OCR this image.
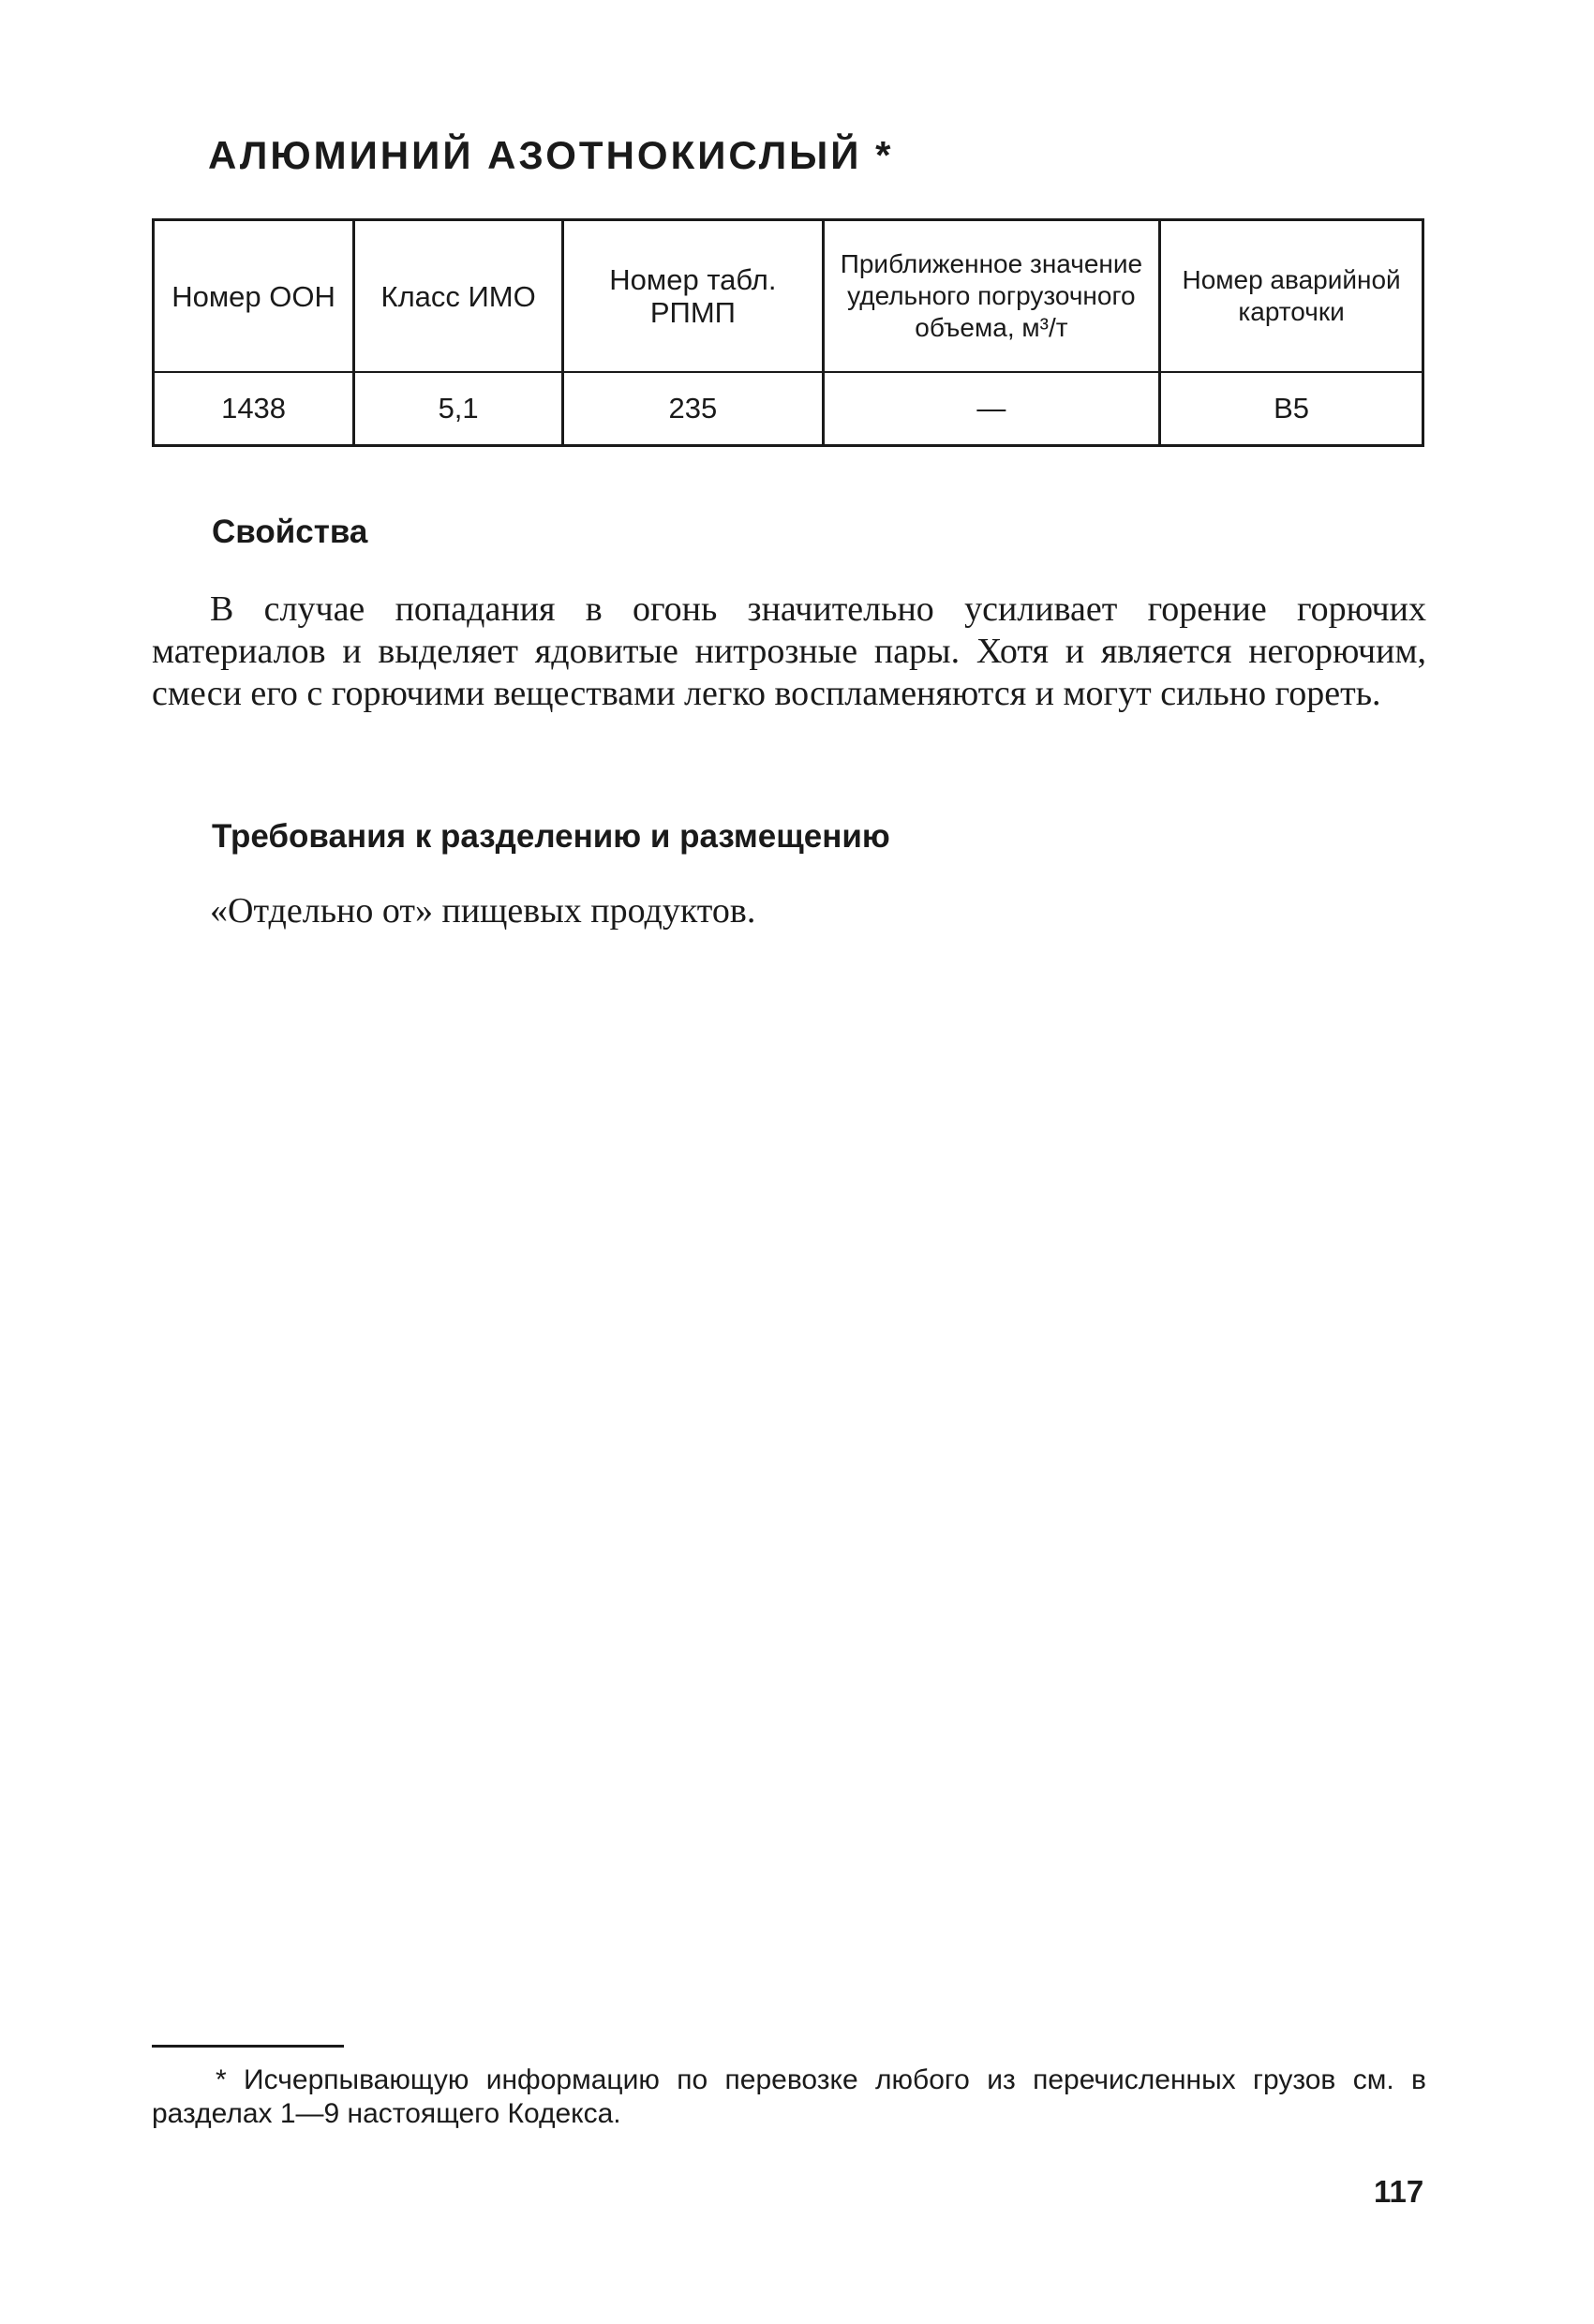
АЛЮМИНИЙ АЗОТНОКИСЛЫЙ *
Номер ООН	Класс ИМО	Номер табл. РПМП	Приближенное значение удельного погрузочного объема, м³/т	Номер аварийной карточки
1438	5,1	235	—	В5
Свойства

В случае попадания в огонь значительно усиливает горение горючих материалов и выделяет ядовитые нитрозные пары. Хотя и является негорючим, смеси его с горючими веществами легко воспламеняются и могут сильно гореть.

Требования к разделению и размещению

«Отдельно от» пищевых продуктов.

* Исчерпывающую информацию по перевозке любого из перечисленных грузов см. в разделах 1—9 настоящего Кодекса.

117
